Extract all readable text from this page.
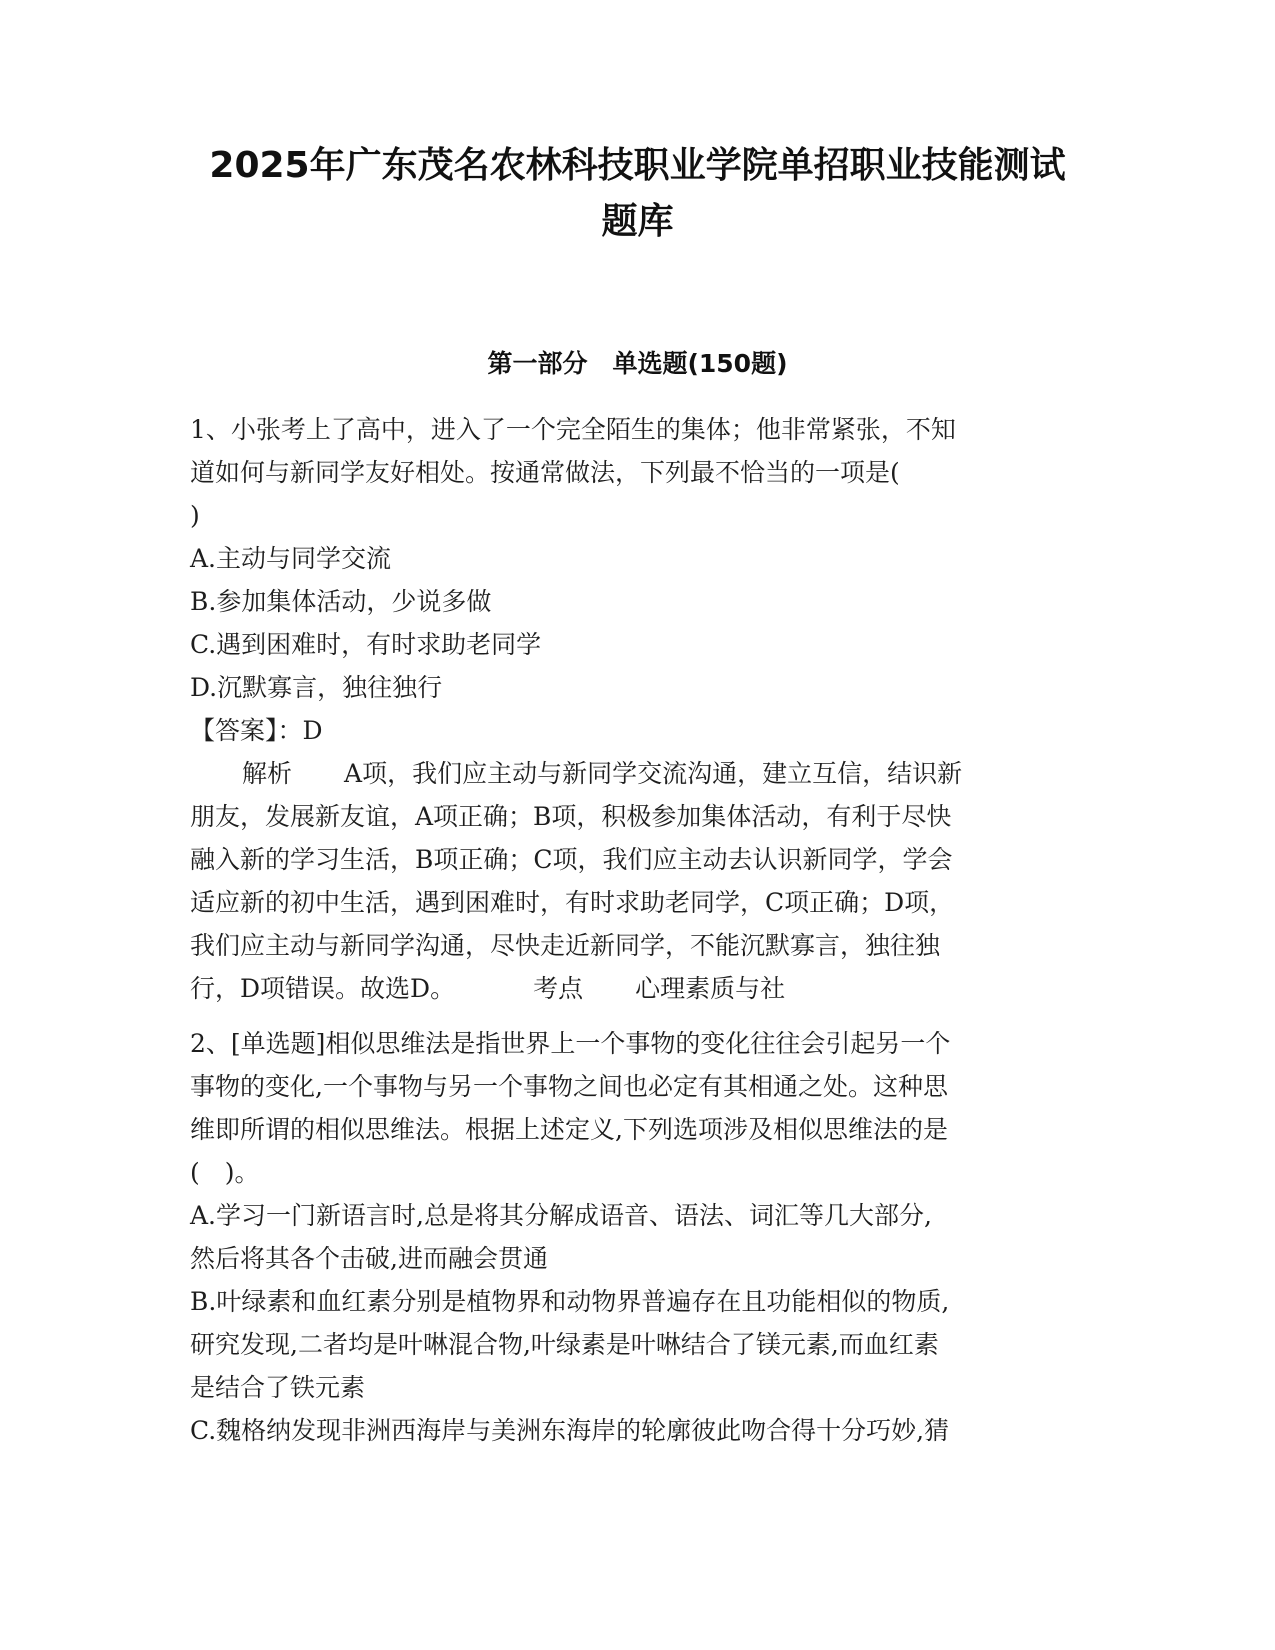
2025年广东茂名农林科技职业学院单招职业技能测试
题库
第一部分　单选题(150题)
1、小张考上了高中，进入了一个完全陌生的集体；他非常紧张，不知
道如何与新同学友好相处。按通常做法，下列最不恰当的一项是(
)
A.主动与同学交流
B.参加集体活动，少说多做
C.遇到困难时，有时求助老同学
D.沉默寡言，独往独行
【答案】：D
解析 A项，我们应主动与新同学交流沟通，建立互信，结识新
朋友，发展新友谊，A项正确；B项，积极参加集体活动，有利于尽快
融入新的学习生活，B项正确；C项，我们应主动去认识新同学，学会
适应新的初中生活，遇到困难时，有时求助老同学，C项正确；D项，
我们应主动与新同学沟通，尽快走近新同学，不能沉默寡言，独往独
行，D项错误。故选D。	考点 心理素质与社
2、[单选题]相似思维法是指世界上一个事物的变化往往会引起另一个
事物的变化,一个事物与另一个事物之间也必定有其相通之处。这种思
维即所谓的相似思维法。根据上述定义,下列选项涉及相似思维法的是
(　)。
A.学习一门新语言时,总是将其分解成语音、语法、词汇等几大部分,
然后将其各个击破,进而融会贯通
B.叶绿素和血红素分别是植物界和动物界普遍存在且功能相似的物质,
研究发现,二者均是叶啉混合物,叶绿素是叶啉结合了镁元素,而血红素
是结合了铁元素
C.魏格纳发现非洲西海岸与美洲东海岸的轮廓彼此吻合得十分巧妙,猜
